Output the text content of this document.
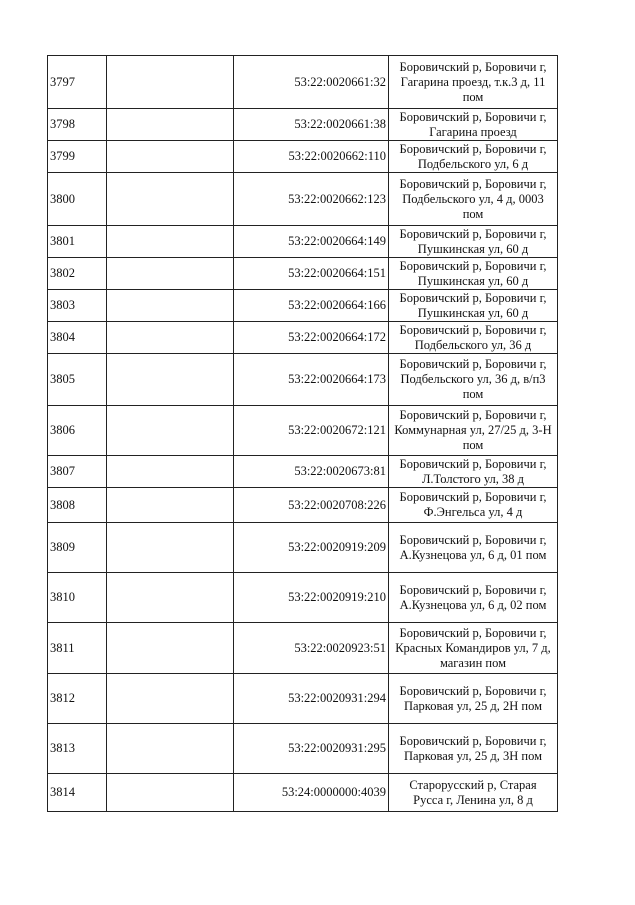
3797		53:22:0020661:32	Боровичский р, Боровичи г,
Гагарина проезд, т.к.3 д, 11
пом

3798		53:22:0020661:38	Боровичский р, Боровичи г,
Гагарина проезд

3799		53:22:0020662:110	Боровичский р, Боровичи г,
Подбельского ул, 6 д

3800		53:22:0020662:123	Боровичский р, Боровичи г,
Подбельского ул, 4 д, 0003
пом

3801		53:22:0020664:149	Боровичский р, Боровичи г,
Пушкинская ул, 60 д

3802		53:22:0020664:151	Боровичский р, Боровичи г,
Пушкинская ул, 60 д

3803		53:22:0020664:166	Боровичский р, Боровичи г,
Пушкинская ул, 60 д

3804		53:22:0020664:172	Боровичский р, Боровичи г,
Подбельского ул, 36 д

3805		53:22:0020664:173	Боровичский р, Боровичи г,
Подбельского ул, 36 д, в/п3
пом

3806		53:22:0020672:121	Боровичский р, Боровичи г,
Коммунарная ул, 27/25 д, 3-Н
пом

3807		53:22:0020673:81	Боровичский р, Боровичи г,
Л.Толстого ул, 38 д

3808		53:22:0020708:226	Боровичский р, Боровичи г,
Ф.Энгельса ул, 4 д

3809		53:22:0020919:209	Боровичский р, Боровичи г,
А.Кузнецова ул, 6 д, 01 пом

3810		53:22:0020919:210	Боровичский р, Боровичи г,
А.Кузнецова ул, 6 д, 02 пом

3811		53:22:0020923:51	Боровичский р, Боровичи г,
Красных Командиров ул, 7 д,
магазин пом

3812		53:22:0020931:294	Боровичский р, Боровичи г,
Парковая ул, 25 д, 2Н пом

3813		53:22:0020931:295	Боровичский р, Боровичи г,
Парковая ул, 25 д, 3Н пом

3814		53:24:0000000:4039	Старорусский р, Старая
Русса г, Ленина ул, 8 д
